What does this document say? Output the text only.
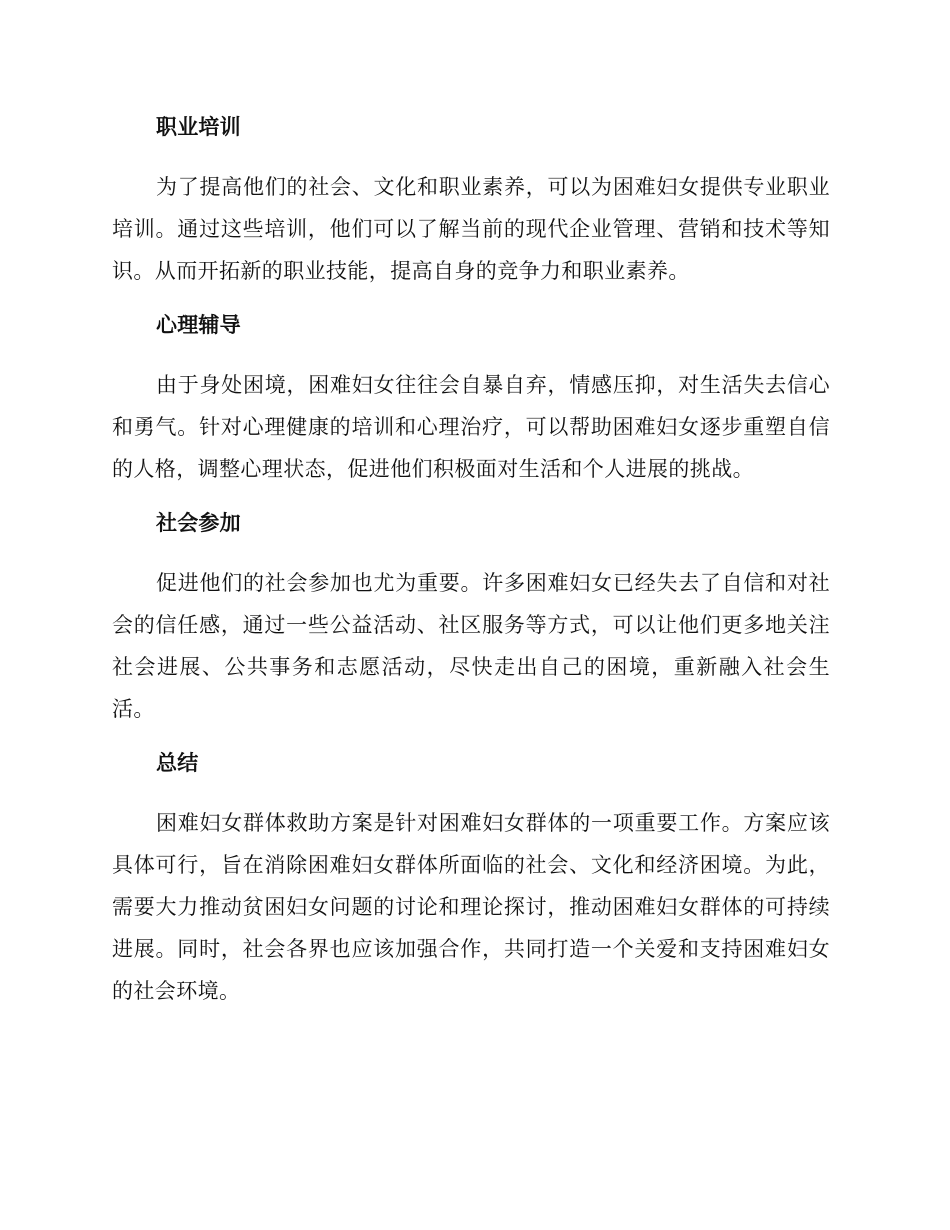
职业培训

为了提高他们的社会、文化和职业素养，可以为困难妇女提供专业职业培训。通过这些培训，他们可以了解当前的现代企业管理、营销和技术等知识。从而开拓新的职业技能，提高自身的竞争力和职业素养。

心理辅导

由于身处困境，困难妇女往往会自暴自弃，情感压抑，对生活失去信心和勇气。针对心理健康的培训和心理治疗，可以帮助困难妇女逐步重塑自信的人格，调整心理状态，促进他们积极面对生活和个人进展的挑战。

社会参加

促进他们的社会参加也尤为重要。许多困难妇女已经失去了自信和对社会的信任感，通过一些公益活动、社区服务等方式，可以让他们更多地关注社会进展、公共事务和志愿活动，尽快走出自己的困境，重新融入社会生活。

总结

困难妇女群体救助方案是针对困难妇女群体的一项重要工作。方案应该具体可行，旨在消除困难妇女群体所面临的社会、文化和经济困境。为此，需要大力推动贫困妇女问题的讨论和理论探讨，推动困难妇女群体的可持续进展。同时，社会各界也应该加强合作，共同打造一个关爱和支持困难妇女的社会环境。
